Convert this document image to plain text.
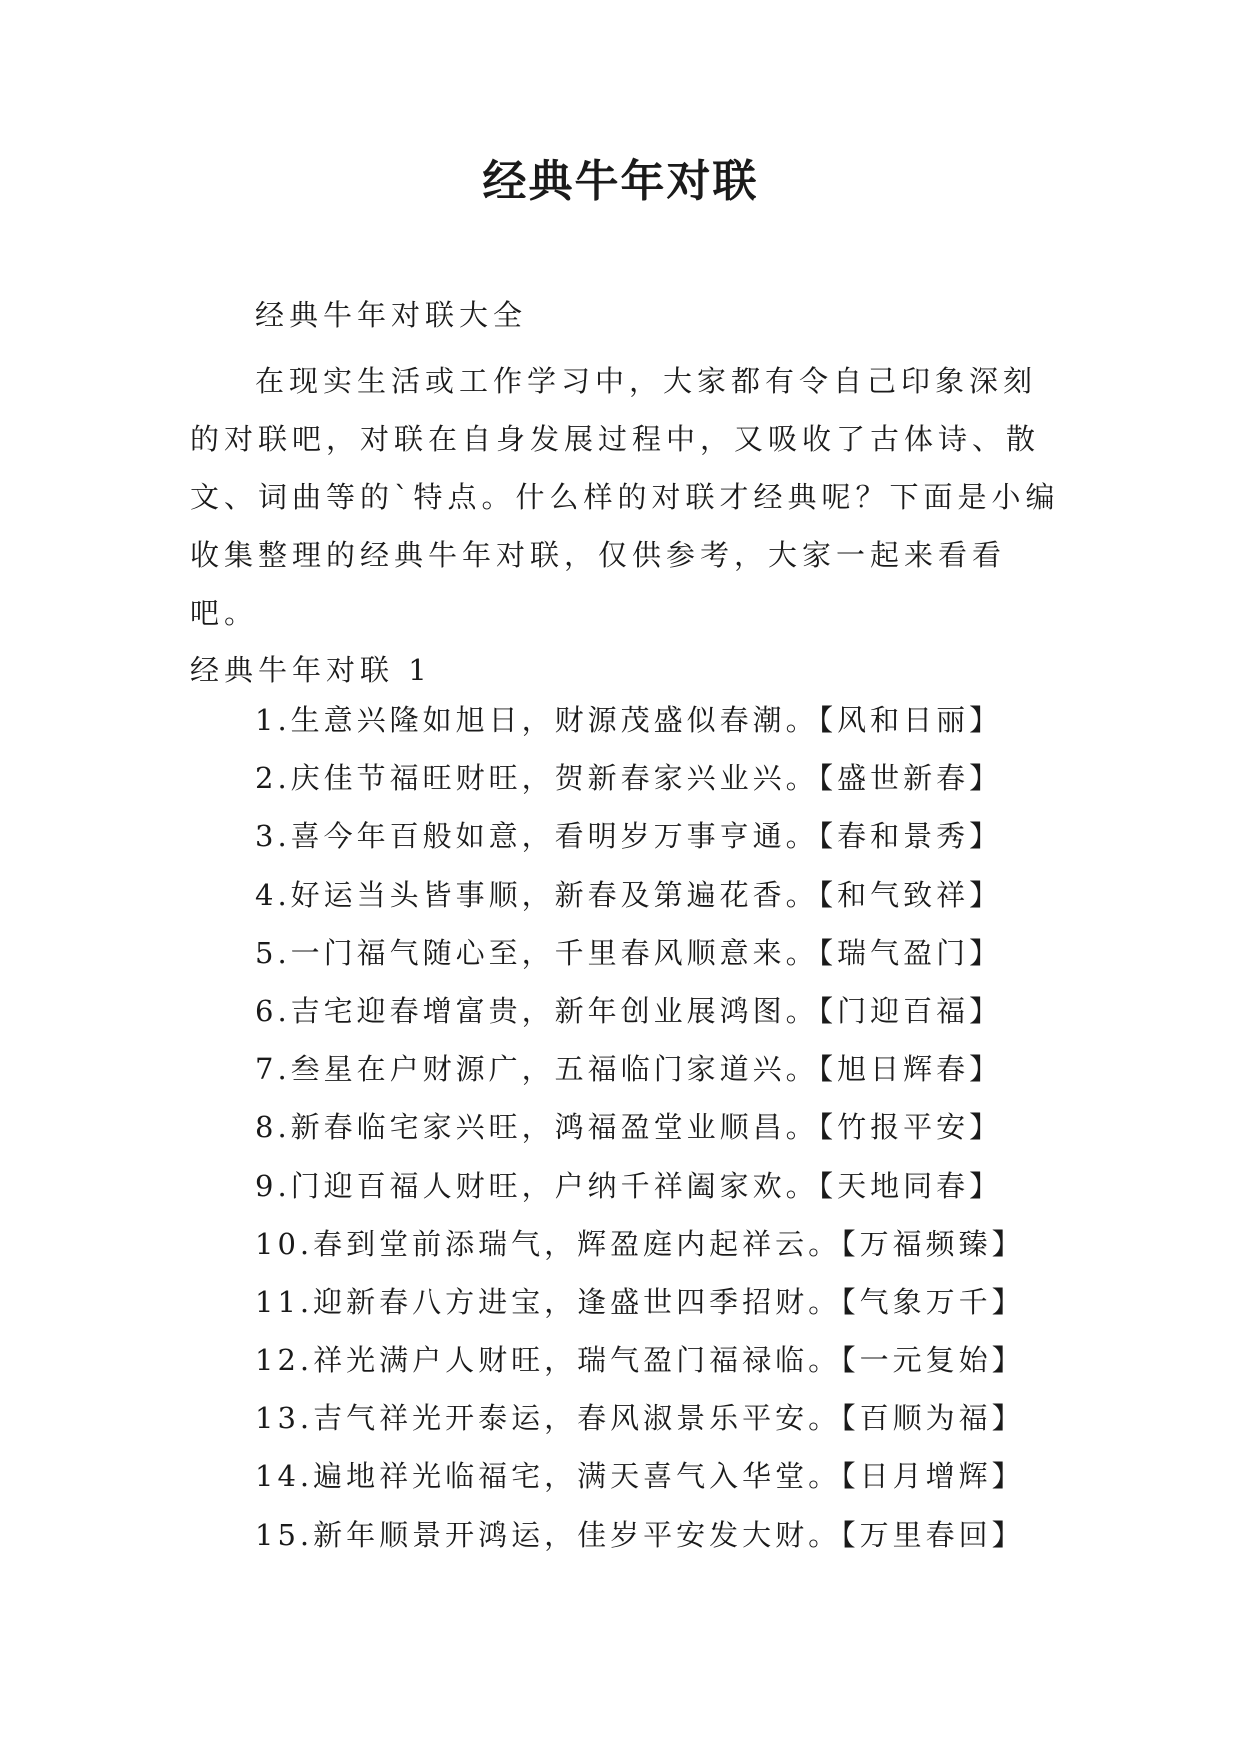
经典牛年对联
经典牛年对联大全

在现实生活或工作学习中，大家都有令自己印象深刻的对联吧，对联在自身发展过程中，又吸收了古体诗、散文、词曲等的`特点。什么样的对联才经典呢？下面是小编收集整理的经典牛年对联，仅供参考，大家一起来看看吧。

经典牛年对联 1
1.生意兴隆如旭日，财源茂盛似春潮。【风和日丽】
2.庆佳节福旺财旺，贺新春家兴业兴。【盛世新春】
3.喜今年百般如意，看明岁万事亨通。【春和景秀】
4.好运当头皆事顺，新春及第遍花香。【和气致祥】
5.一门福气随心至，千里春风顺意来。【瑞气盈门】
6.吉宅迎春增富贵，新年创业展鸿图。【门迎百福】
7.叁星在户财源广，五福临门家道兴。【旭日辉春】
8.新春临宅家兴旺，鸿福盈堂业顺昌。【竹报平安】
9.门迎百福人财旺，户纳千祥阖家欢。【天地同春】
10.春到堂前添瑞气，辉盈庭内起祥云。【万福频臻】
11.迎新春八方进宝，逢盛世四季招财。【气象万千】
12.祥光满户人财旺，瑞气盈门福禄临。【一元复始】
13.吉气祥光开泰运，春风淑景乐平安。【百顺为福】
14.遍地祥光临福宅，满天喜气入华堂。【日月增辉】
15.新年顺景开鸿运，佳岁平安发大财。【万里春回】
